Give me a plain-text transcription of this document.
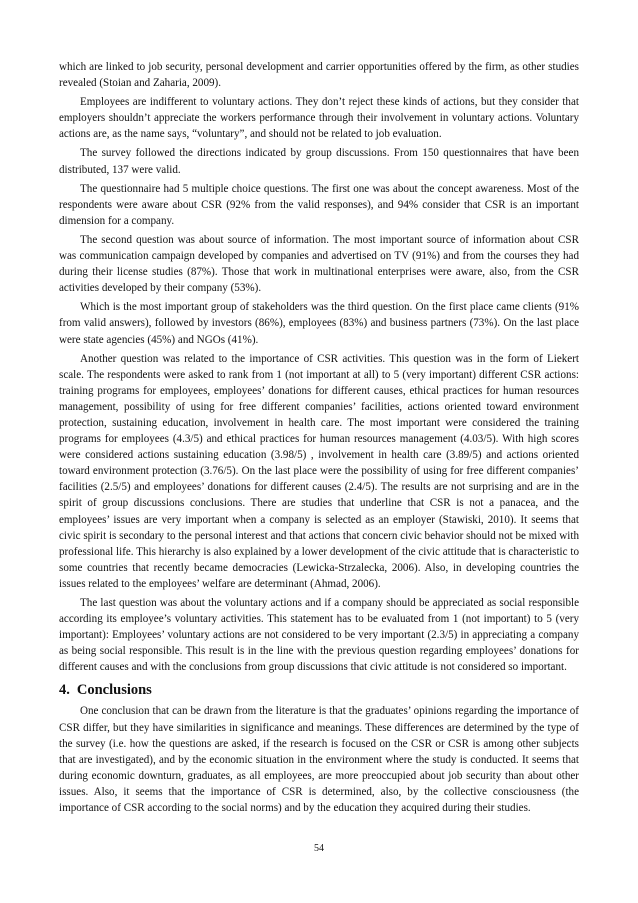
which are linked to job security, personal development and carrier opportunities offered by the firm, as other studies revealed (Stoian and Zaharia, 2009).

Employees are indifferent to voluntary actions. They don’t reject these kinds of actions, but they consider that employers shouldn’t appreciate the workers performance through their involvement in voluntary actions. Voluntary actions are, as the name says, “voluntary”, and should not be related to job evaluation.

The survey followed the directions indicated by group discussions. From 150 questionnaires that have been distributed, 137 were valid.

The questionnaire had 5 multiple choice questions. The first one was about the concept awareness. Most of the respondents were aware about CSR (92% from the valid responses), and 94% consider that CSR is an important dimension for a company.

The second question was about source of information. The most important source of information about CSR was communication campaign developed by companies and advertised on TV (91%) and from the courses they had during their license studies (87%). Those that work in multinational enterprises were aware, also, from the CSR activities developed by their company (53%).

Which is the most important group of stakeholders was the third question. On the first place came clients (91% from valid answers), followed by investors (86%), employees (83%) and business partners (73%). On the last place were state agencies (45%) and NGOs (41%).

Another question was related to the importance of CSR activities. This question was in the form of Liekert scale. The respondents were asked to rank from 1 (not important at all) to 5 (very important) different CSR actions: training programs for employees, employees’ donations for different causes, ethical practices for human resources management, possibility of using for free different companies’ facilities, actions oriented toward environment protection, sustaining education, involvement in health care. The most important were considered the training programs for employees (4.3/5) and ethical practices for human resources management (4.03/5). With high scores were considered actions sustaining education (3.98/5) , involvement in health care (3.89/5) and actions oriented toward environment protection (3.76/5). On the last place were the possibility of using for free different companies’ facilities (2.5/5) and employees’ donations for different causes (2.4/5). The results are not surprising and are in the spirit of group discussions conclusions. There are studies that underline that CSR is not a panacea, and the employees’ issues are very important when a company is selected as an employer (Stawiski, 2010). It seems that civic spirit is secondary to the personal interest and that actions that concern civic behavior should not be mixed with professional life. This hierarchy is also explained by a lower development of the civic attitude that is characteristic to some countries that recently became democracies (Lewicka-Strzalecka, 2006). Also, in developing countries the issues related to the employees’ welfare are determinant (Ahmad, 2006).

The last question was about the voluntary actions and if a company should be appreciated as social responsible according its employee’s voluntary activities. This statement has to be evaluated from 1 (not important) to 5 (very important): Employees’ voluntary actions are not considered to be very important (2.3/5) in appreciating a company as being social responsible. This result is in the line with the previous question regarding employees’ donations for different causes and with the conclusions from group discussions that civic attitude is not considered so important.

4. Conclusions

One conclusion that can be drawn from the literature is that the graduates’ opinions regarding the importance of CSR differ, but they have similarities in significance and meanings. These differences are determined by the type of the survey (i.e. how the questions are asked, if the research is focused on the CSR or CSR is among other subjects that are investigated), and by the economic situation in the environment where the study is conducted. It seems that during economic downturn, graduates, as all employees, are more preoccupied about job security than about other issues. Also, it seems that the importance of CSR is determined, also, by the collective consciousness (the importance of CSR according to the social norms) and by the education they acquired during their studies.

54
